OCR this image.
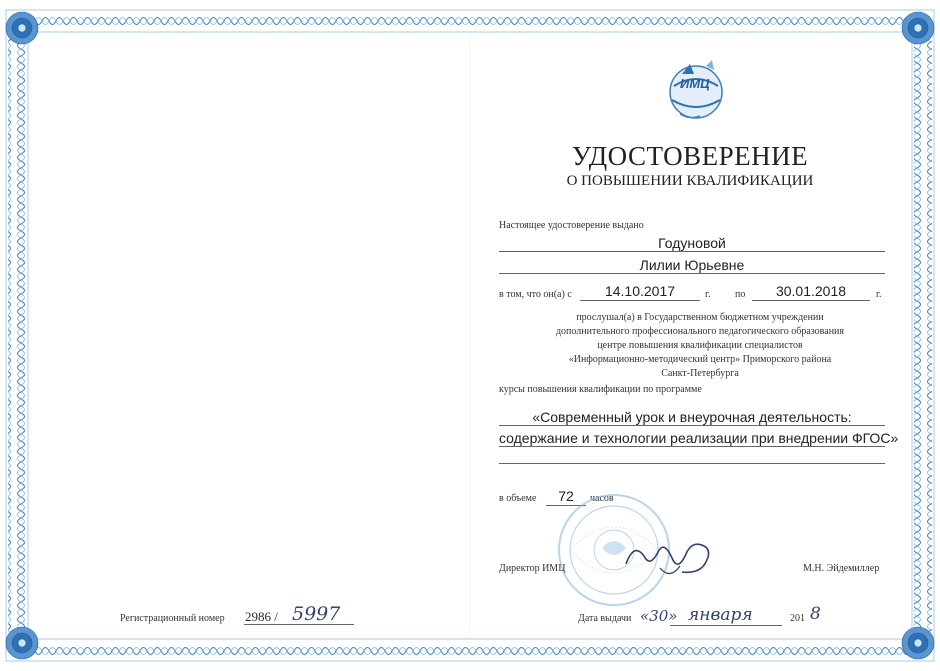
ИМЦ
УДОСТОВЕРЕНИЕ
О ПОВЫШЕНИИ КВАЛИФИКАЦИИ
Настоящее удостоверение выдано
Годуновой
Лилии Юрьевне
в том, что он(а) с	14.10.2017	г. по	30.01.2018	г.
прослушал(а) в Государственном бюджетном учреждении
дополнительного профессионального педагогического образования
центре повышения квалификации специалистов
«Информационно-методический центр» Приморского района
Санкт-Петербурга
курсы повышения квалификации по программе
«Современный урок и внеурочная деятельность:
содержание и технологии реализации при внедрении ФГОС»
в объеме	72	часов
Директор ИМЦ	М.Н. Эйдемиллер
Регистрационный номер 2986 / 5997	Дата выдачи «30» января	201 8
